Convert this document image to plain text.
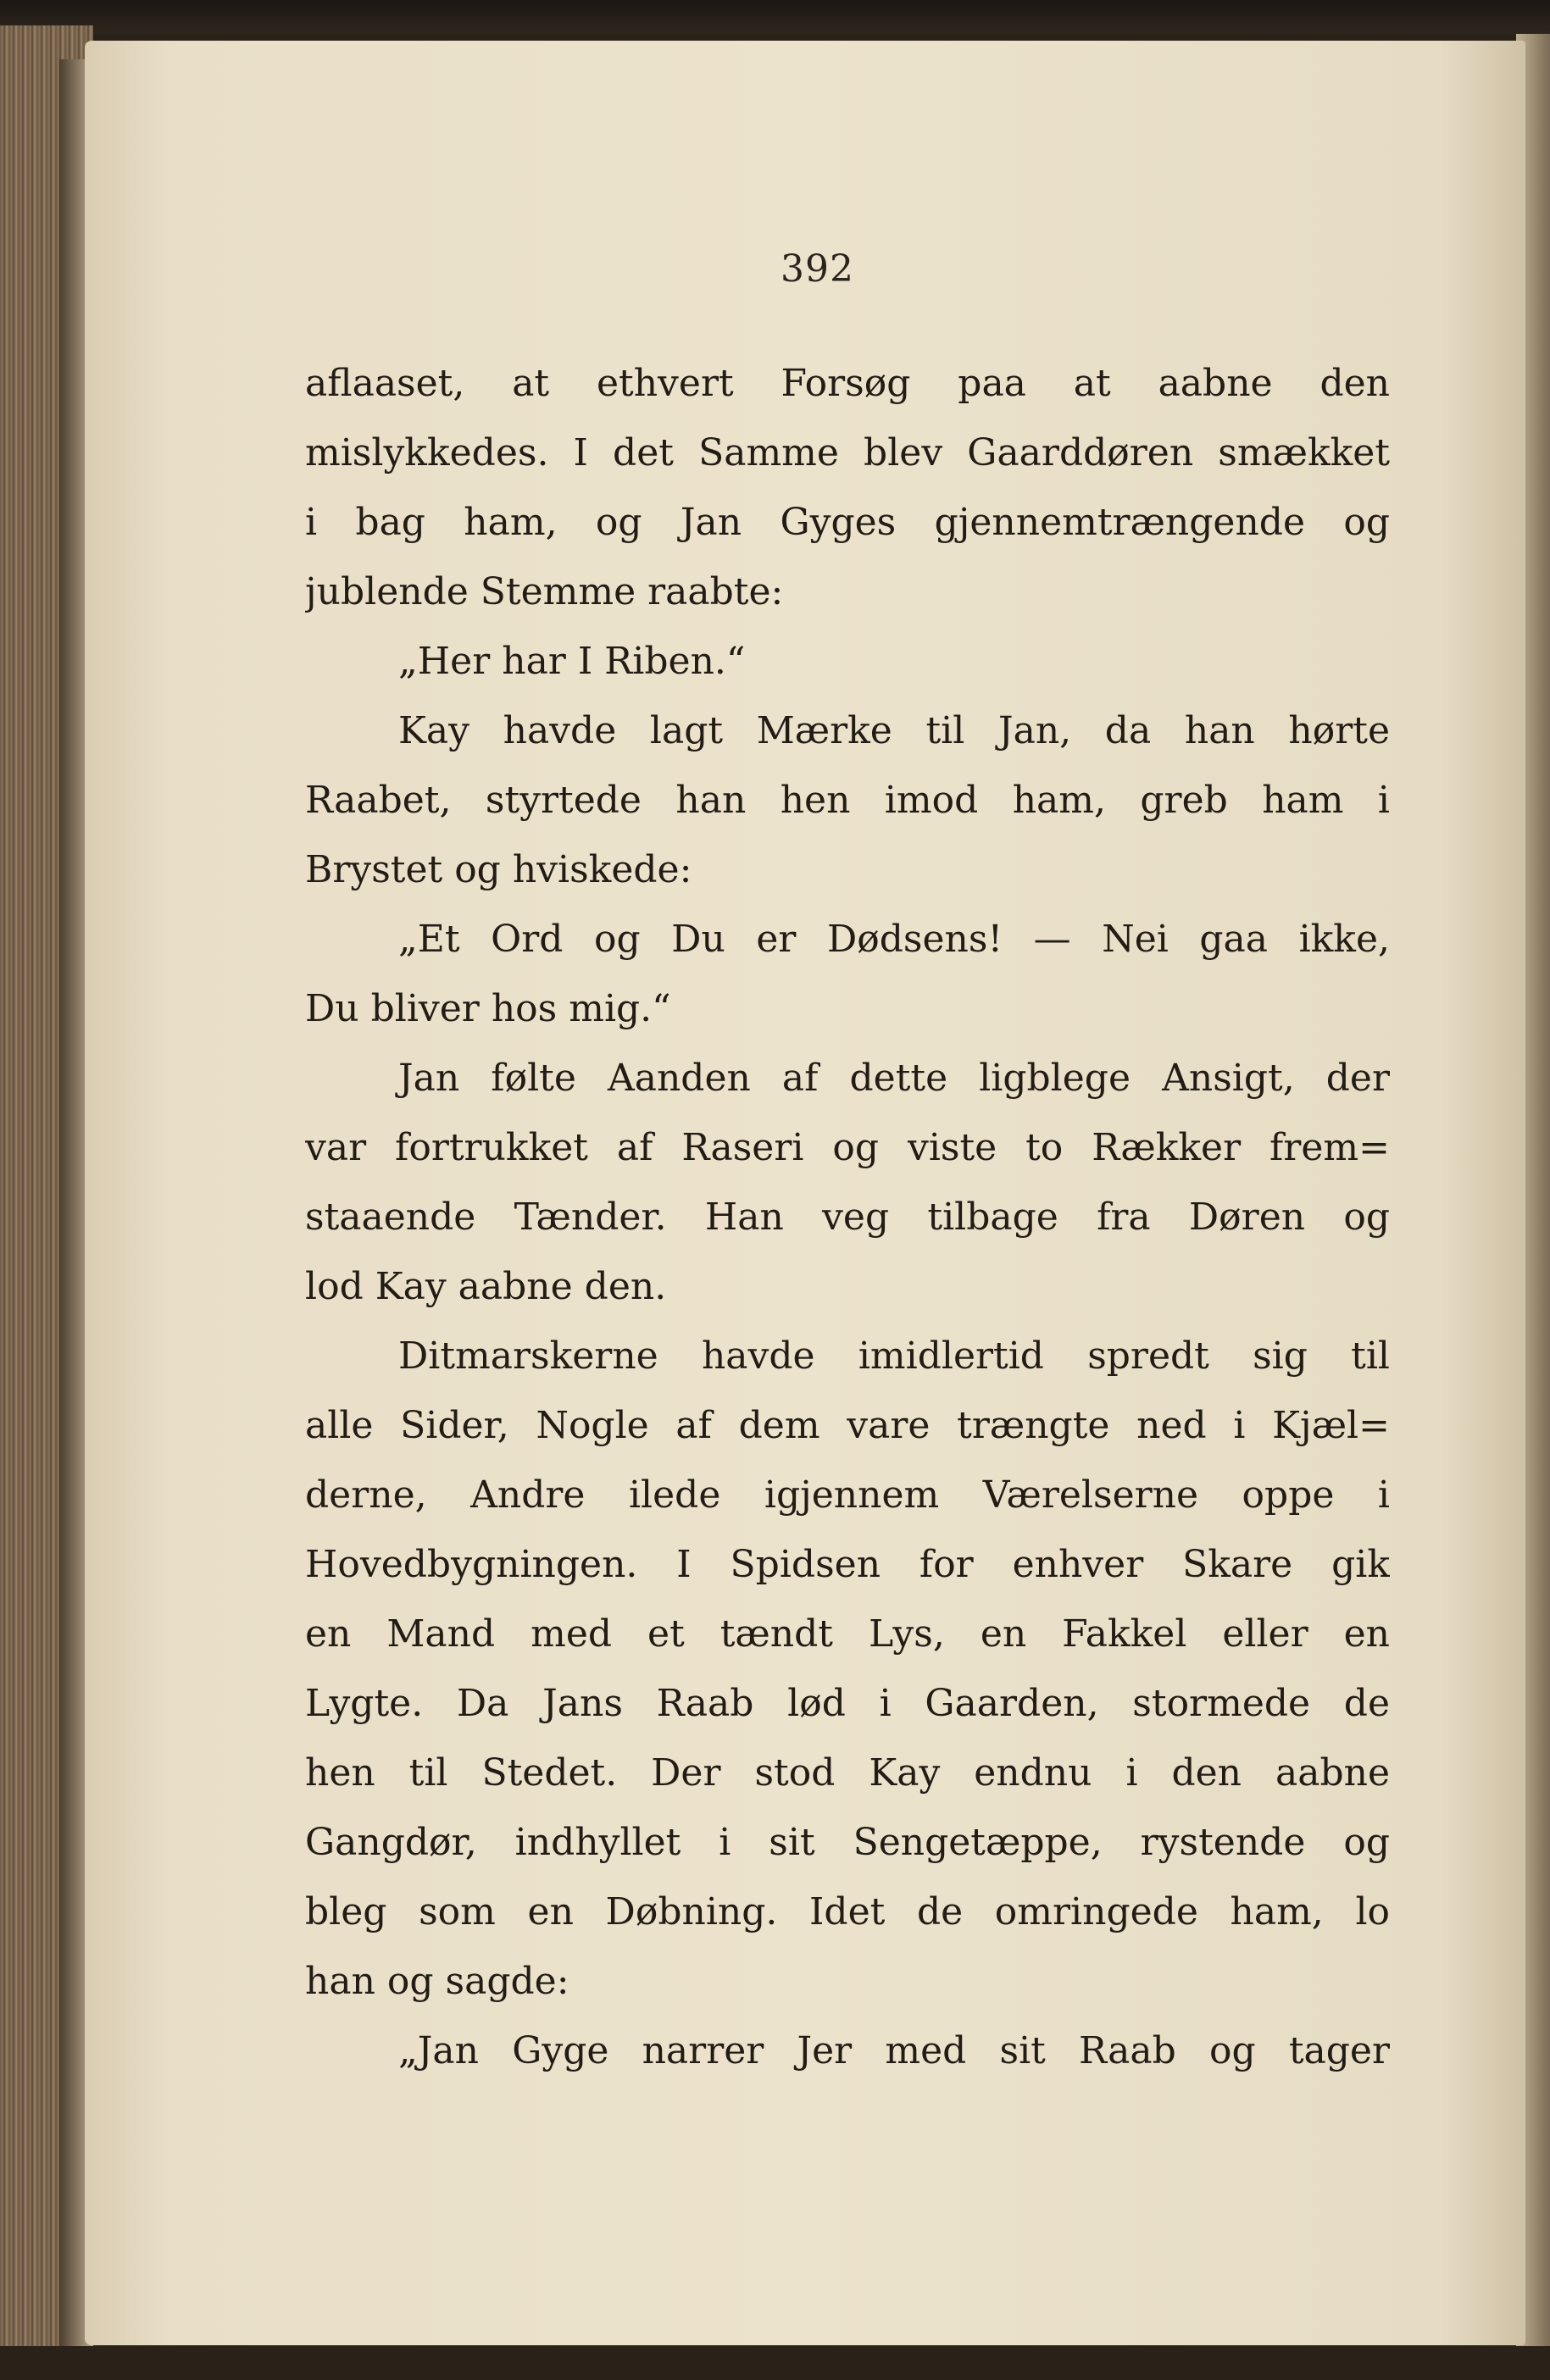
392
aflaaset, at ethvert Forsøg paa at aabne den
mislykkedes. I det Samme blev Gaarddøren smækket
i bag ham, og Jan Gyges gjennemtrængende og
jublende Stemme raabte:
„Her har I Riben.“
Kay havde lagt Mærke til Jan, da han hørte
Raabet, styrtede han hen imod ham, greb ham i
Brystet og hviskede:
„Et Ord og Du er Dødsens! — Nei gaa ikke,
Du bliver hos mig.“
Jan følte Aanden af dette ligblege Ansigt, der
var fortrukket af Raseri og viste to Rækker frem=
staaende Tænder. Han veg tilbage fra Døren og
lod Kay aabne den.
Ditmarskerne havde imidlertid spredt sig til
alle Sider, Nogle af dem vare trængte ned i Kjæl=
derne, Andre ilede igjennem Værelserne oppe i
Hovedbygningen. I Spidsen for enhver Skare gik
en Mand med et tændt Lys, en Fakkel eller en
Lygte. Da Jans Raab lød i Gaarden, stormede de
hen til Stedet. Der stod Kay endnu i den aabne
Gangdør, indhyllet i sit Sengetæppe, rystende og
bleg som en Døbning. Idet de omringede ham, lo
han og sagde:
„Jan Gyge narrer Jer med sit Raab og tager
